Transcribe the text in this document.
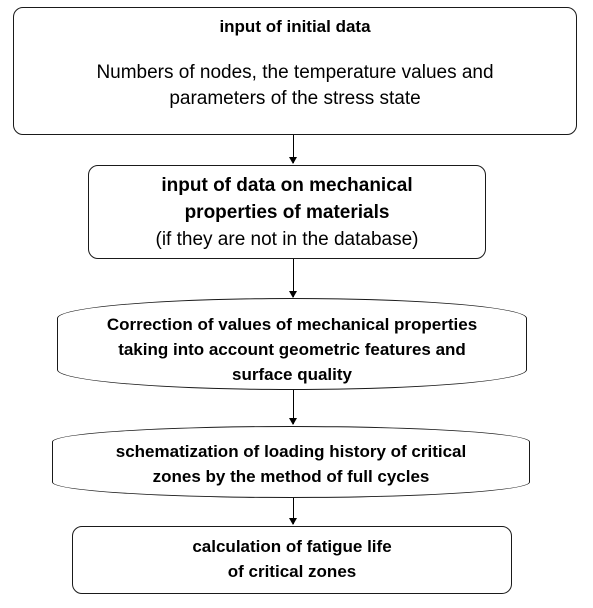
input of initial data
Numbers of nodes, the temperature values and
parameters of the stress state
input of data on mechanical
properties of materials
(if they are not in the database)
Correction of values of mechanical properties
taking into account geometric features and
surface quality
schematization of loading history of critical
zones by the method of full cycles
calculation of fatigue life
of critical zones
